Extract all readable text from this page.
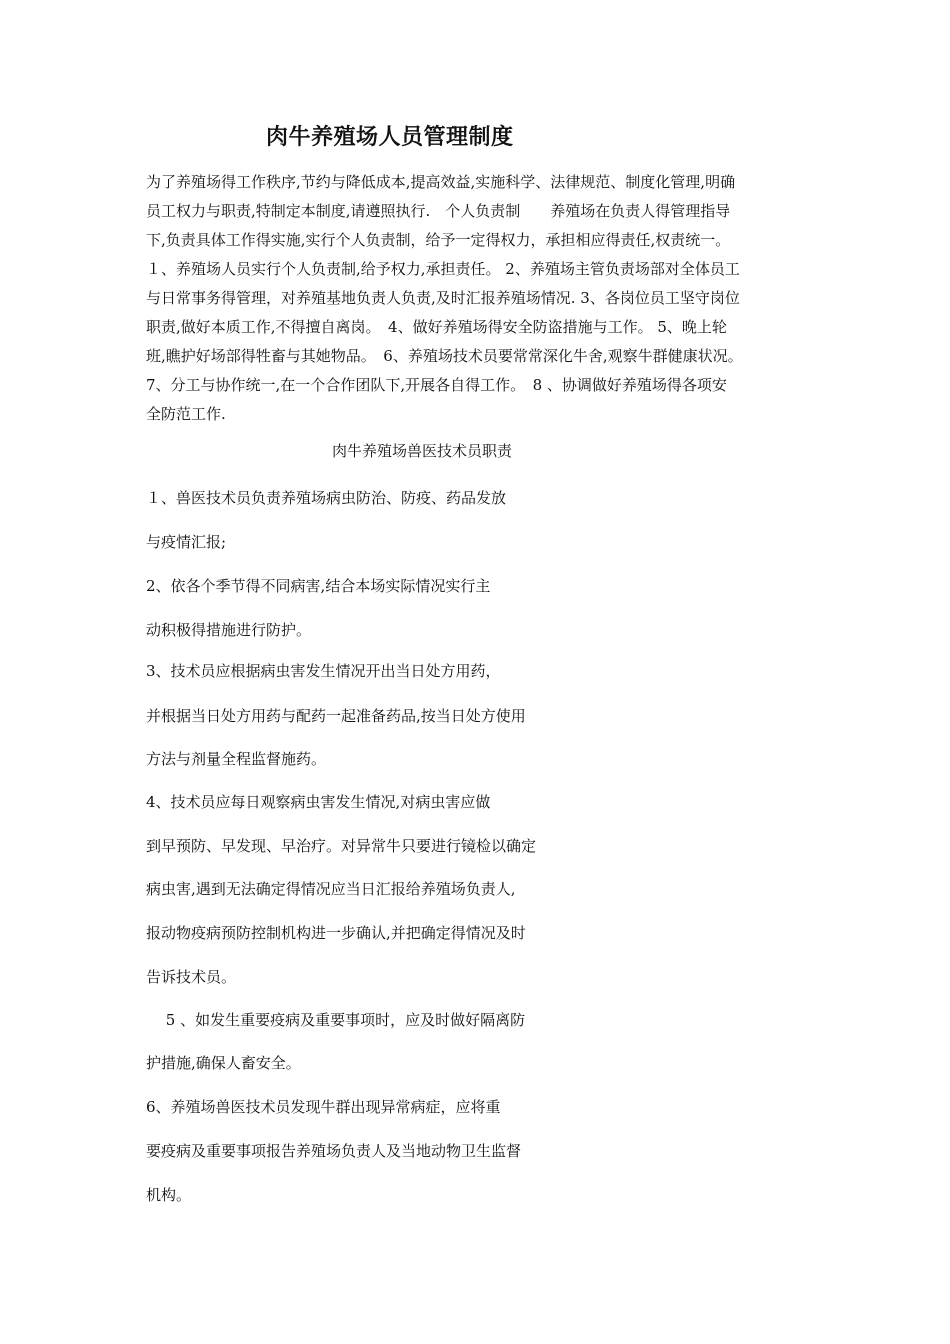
肉牛养殖场人员管理制度
为了养殖场得工作秩序,节约与降低成本,提高效益,实施科学、法律规范、制度化管理,明确
员工权力与职责,特制定本制度,请遵照执行.　个人负责制　　养殖场在负责人得管理指导
下,负责具体工作得实施,实行个人负责制，给予一定得权力，承担相应得责任,权责统一。
１、养殖场人员实行个人负责制,给予权力,承担责任。 2、养殖场主管负责场部对全体员工
与日常事务得管理，对养殖基地负责人负责,及时汇报养殖场情况. 3、各岗位员工坚守岗位
职责,做好本质工作,不得擅自离岗。　4、做好养殖场得安全防盗措施与工作。 5、晚上轮
班,瞧护好场部得牲畜与其她物品。　6、养殖场技术员要常常深化牛舍,观察牛群健康状况。
7、分工与协作统一,在一个合作团队下,开展各自得工作。　8 、协调做好养殖场得各项安
全防范工作.
肉牛养殖场兽医技术员职责
１、兽医技术员负责养殖场病虫防治、防疫、药品发放
与疫情汇报;
2、依各个季节得不同病害,结合本场实际情况实行主
动积极得措施进行防护。
3、技术员应根据病虫害发生情况开出当日处方用药，
并根据当日处方用药与配药一起准备药品,按当日处方使用
方法与剂量全程监督施药。
4、技术员应每日观察病虫害发生情况,对病虫害应做
到早预防、早发现、早治疗。对异常牛只要进行镜检以确定
病虫害,遇到无法确定得情况应当日汇报给养殖场负责人,
报动物疫病预防控制机构进一步确认,并把确定得情况及时
告诉技术员。
　 5 、如发生重要疫病及重要事项时，应及时做好隔离防
护措施,确保人畜安全。
6、养殖场兽医技术员发现牛群出现异常病症，应将重
要疫病及重要事项报告养殖场负责人及当地动物卫生监督
机构。
